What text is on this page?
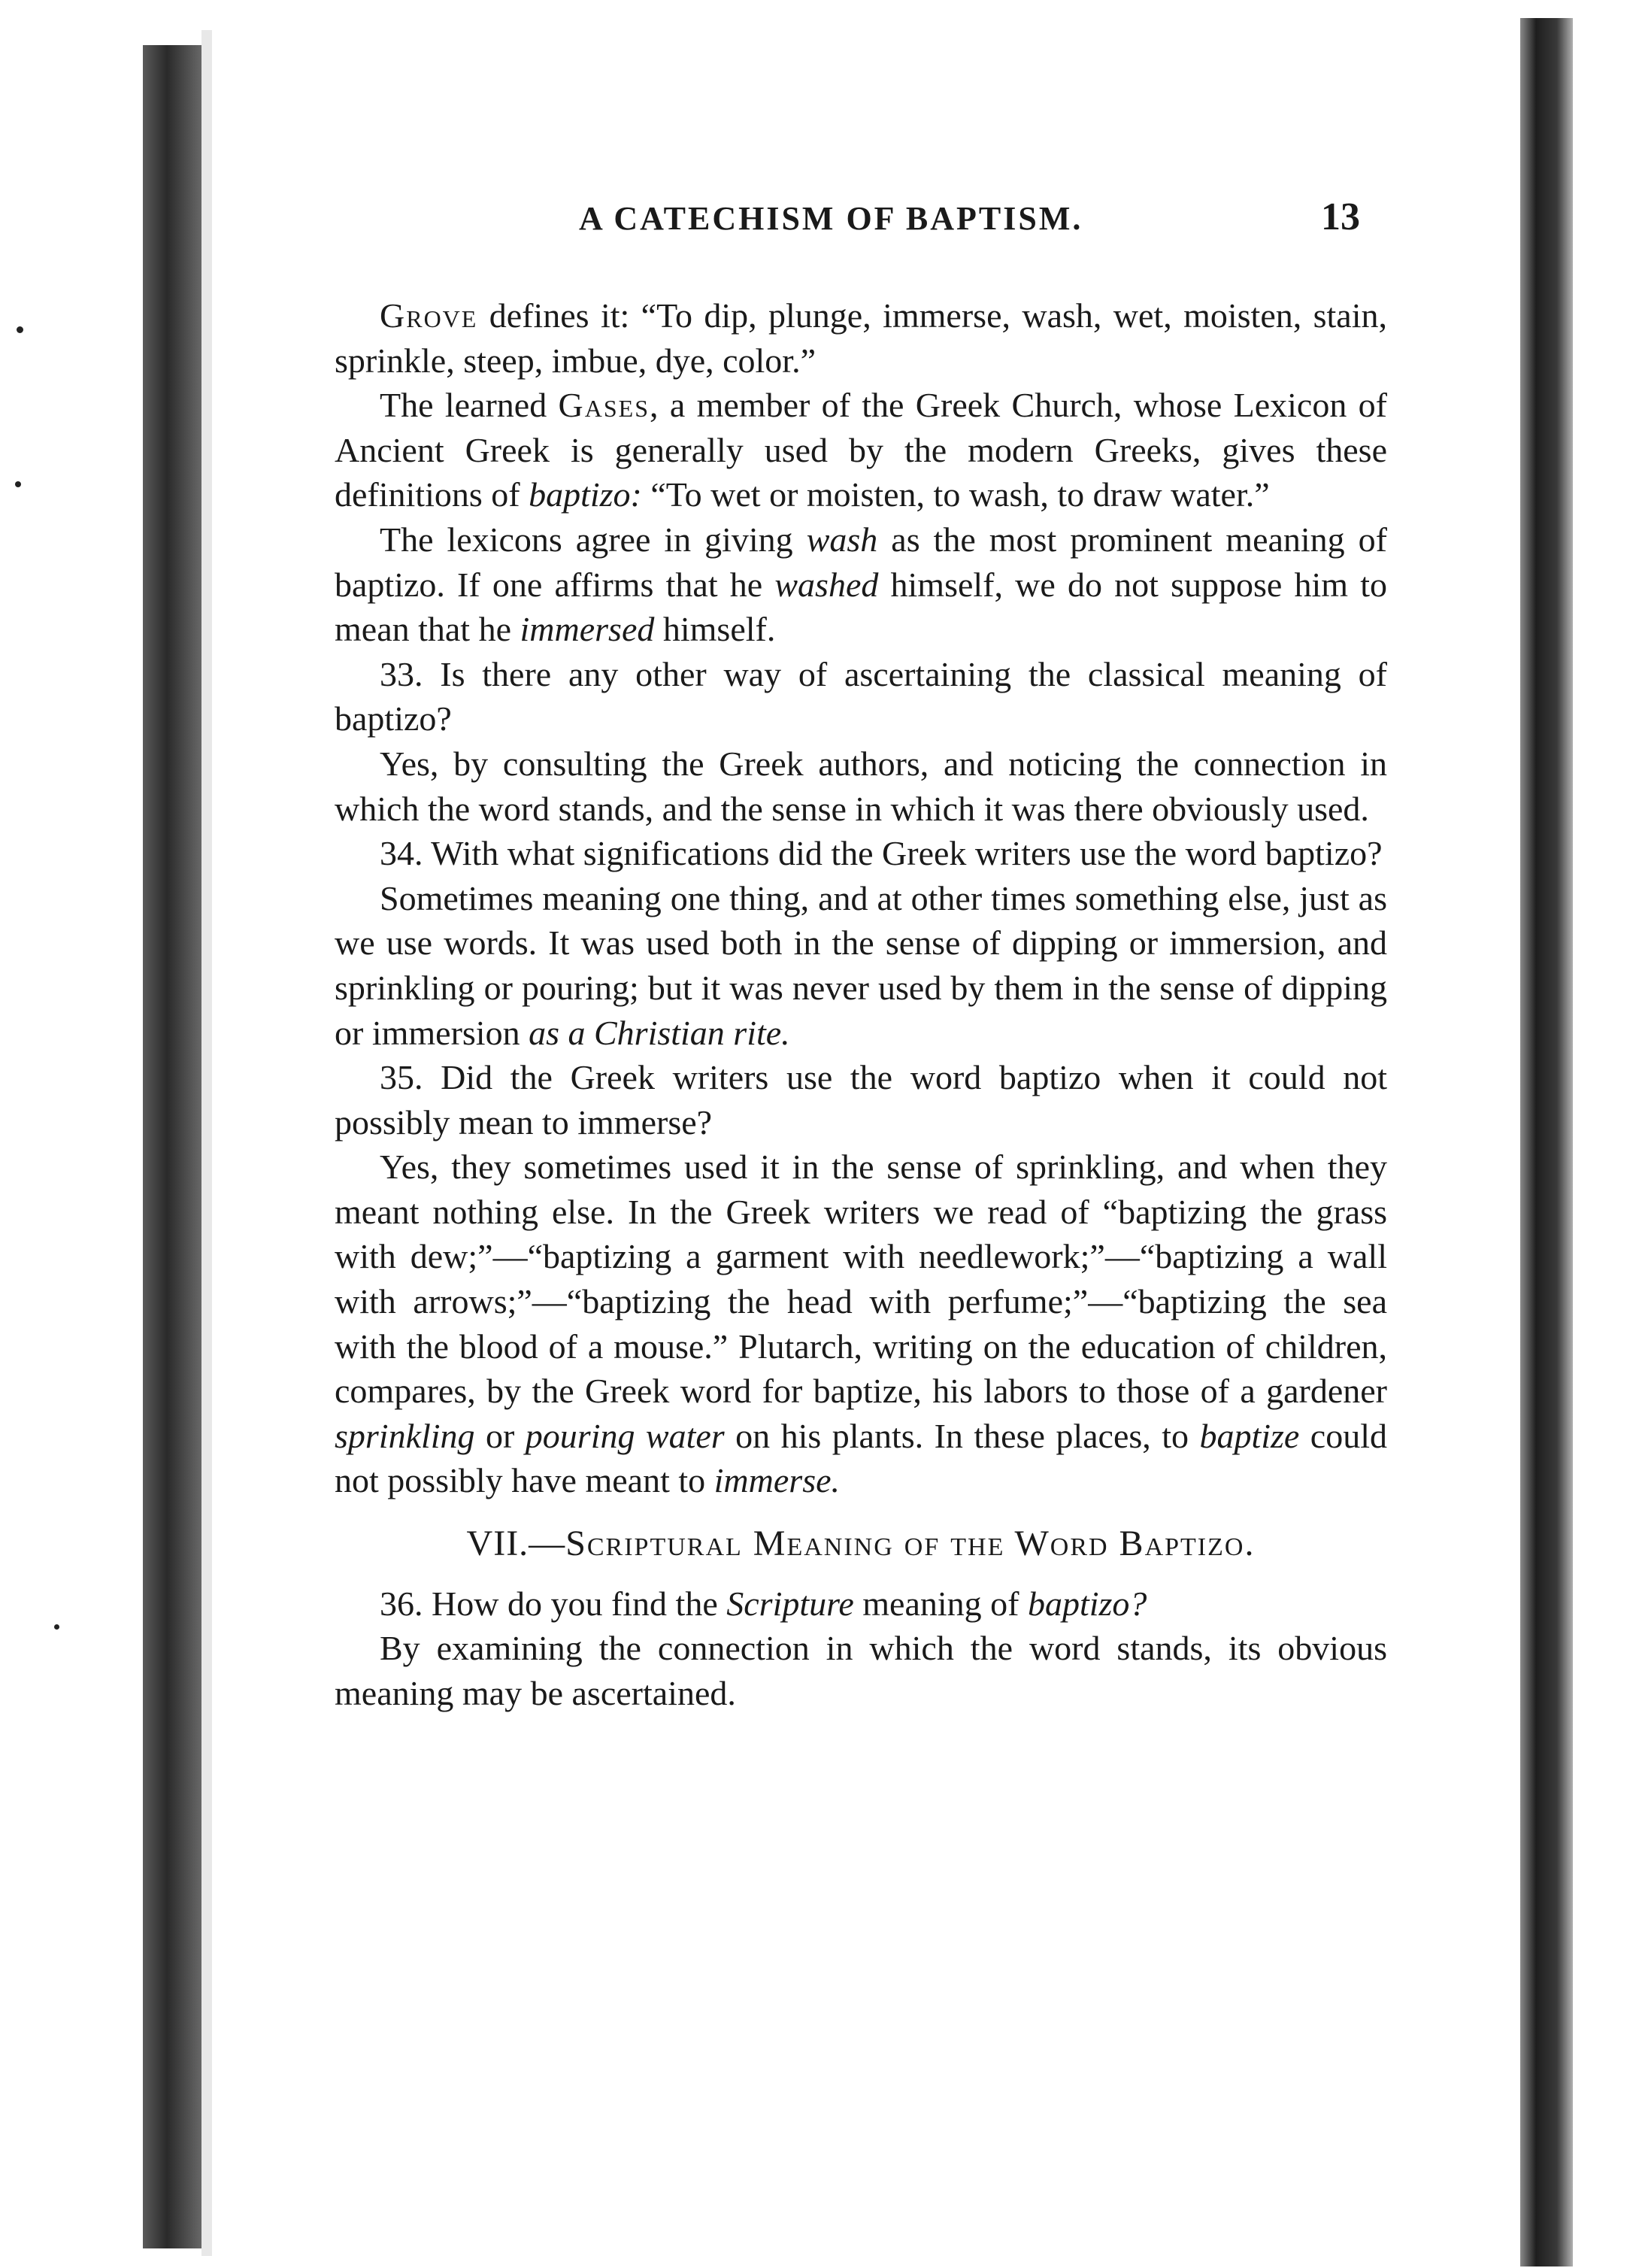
A CATECHISM OF BAPTISM.	13

Grove defines it: “To dip, plunge, immerse, wash, wet, moisten, stain, sprinkle, steep, imbue, dye, color.”

The learned Gases, a member of the Greek Church, whose Lexicon of Ancient Greek is generally used by the modern Greeks, gives these definitions of baptizo: “To wet or moisten, to wash, to draw water.”

The lexicons agree in giving wash as the most prominent meaning of baptizo. If one affirms that he washed himself, we do not suppose him to mean that he immersed himself.

33. Is there any other way of ascertaining the classical meaning of baptizo?

Yes, by consulting the Greek authors, and noticing the connection in which the word stands, and the sense in which it was there obviously used.

34. With what significations did the Greek writers use the word baptizo?

Sometimes meaning one thing, and at other times something else, just as we use words. It was used both in the sense of dipping or immersion, and sprinkling or pouring; but it was never used by them in the sense of dipping or immersion as a Christian rite.

35. Did the Greek writers use the word baptizo when it could not possibly mean to immerse?

Yes, they sometimes used it in the sense of sprinkling, and when they meant nothing else. In the Greek writers we read of “baptizing the grass with dew;”—“baptizing a garment with needlework;”—“baptizing a wall with arrows;”—“baptizing the head with perfume;”—“baptizing the sea with the blood of a mouse.” Plutarch, writing on the education of children, compares, by the Greek word for baptize, his labors to those of a gardener sprinkling or pouring water on his plants. In these places, to baptize could not possibly have meant to immerse.

VII.—Scriptural Meaning of the Word Baptizo.

36. How do you find the Scripture meaning of baptizo?

By examining the connection in which the word stands, its obvious meaning may be ascertained.
